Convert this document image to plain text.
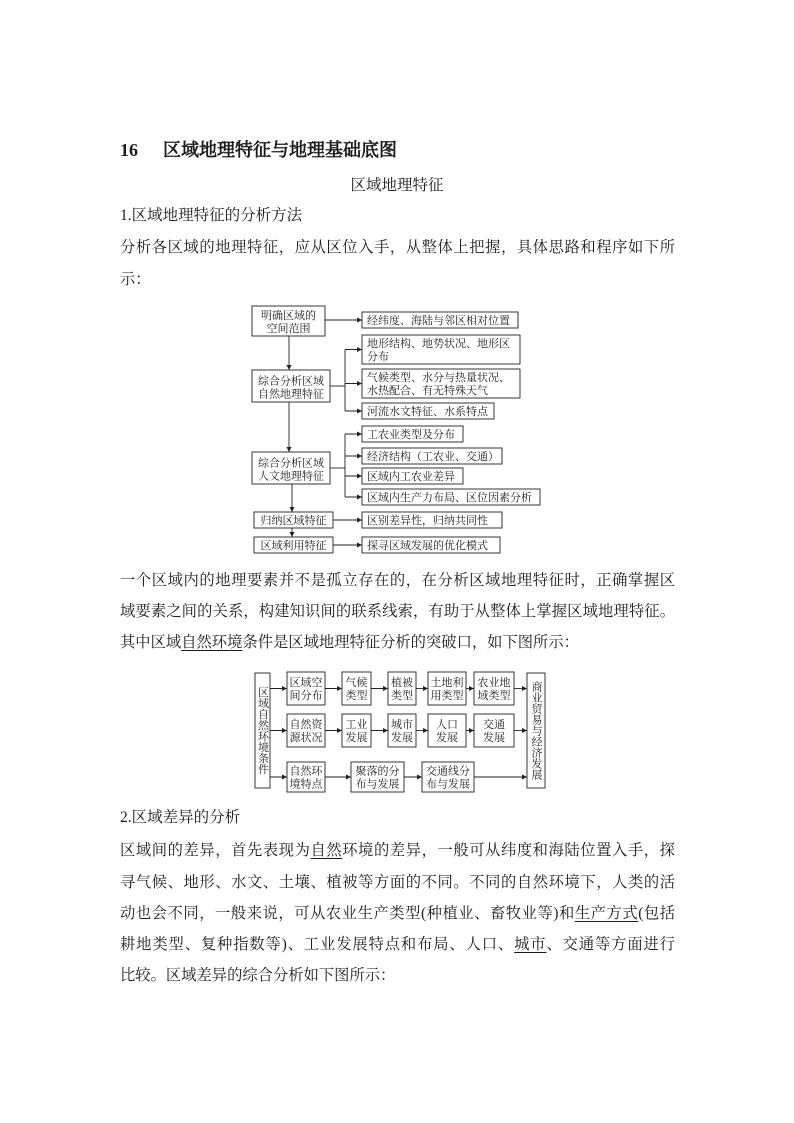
16 区域地理特征与地理基础底图
区域地理特征
1.区域地理特征的分析方法
分析各区域的地理特征，应从区位入手，从整体上把握，具体思路和程序如下所
示：
明确区域的
空间范围
综合分析区域
自然地理特征
综合分析区域
人文地理特征
归纳区域特征
区域利用特征
经纬度、海陆与邻区相对位置
地形结构、地势状况、地形区
分布
气候类型、水分与热量状况、
水热配合、有无特殊天气
河流水文特征、水系特点
工农业类型及分布
经济结构（工农业、交通）
区域内工农业差异
区域内生产力布局、区位因素分析
区别差异性，归纳共同性
探寻区域发展的优化模式
一个区域内的地理要素并不是孤立存在的，在分析区域地理特征时，正确掌握区
域要素之间的关系，构建知识间的联系线索，有助于从整体上掌握区域地理特征。
其中区域自然环境条件是区域地理特征分析的突破口，如下图所示：
区域自然环境条件	商业贸易与经济发展
区域空
间分布
气候
类型
植被
类型
土地利
用类型
农业地
域类型
自然资
源状况
工业
发展
城市
发展
人口
发展
交通
发展
自然环
境特点
聚落的分
布与发展
交通线分
布与发展
2.区域差异的分析
区域间的差异，首先表现为自然环境的差异，一般可从纬度和海陆位置入手，探
寻气候、地形、水文、土壤、植被等方面的不同。不同的自然环境下，人类的活
动也会不同，一般来说，可从农业生产类型(种植业、畜牧业等)和生产方式(包括
耕地类型、复种指数等)、工业发展特点和布局、人口、城市、交通等方面进行
比较。区域差异的综合分析如下图所示：
